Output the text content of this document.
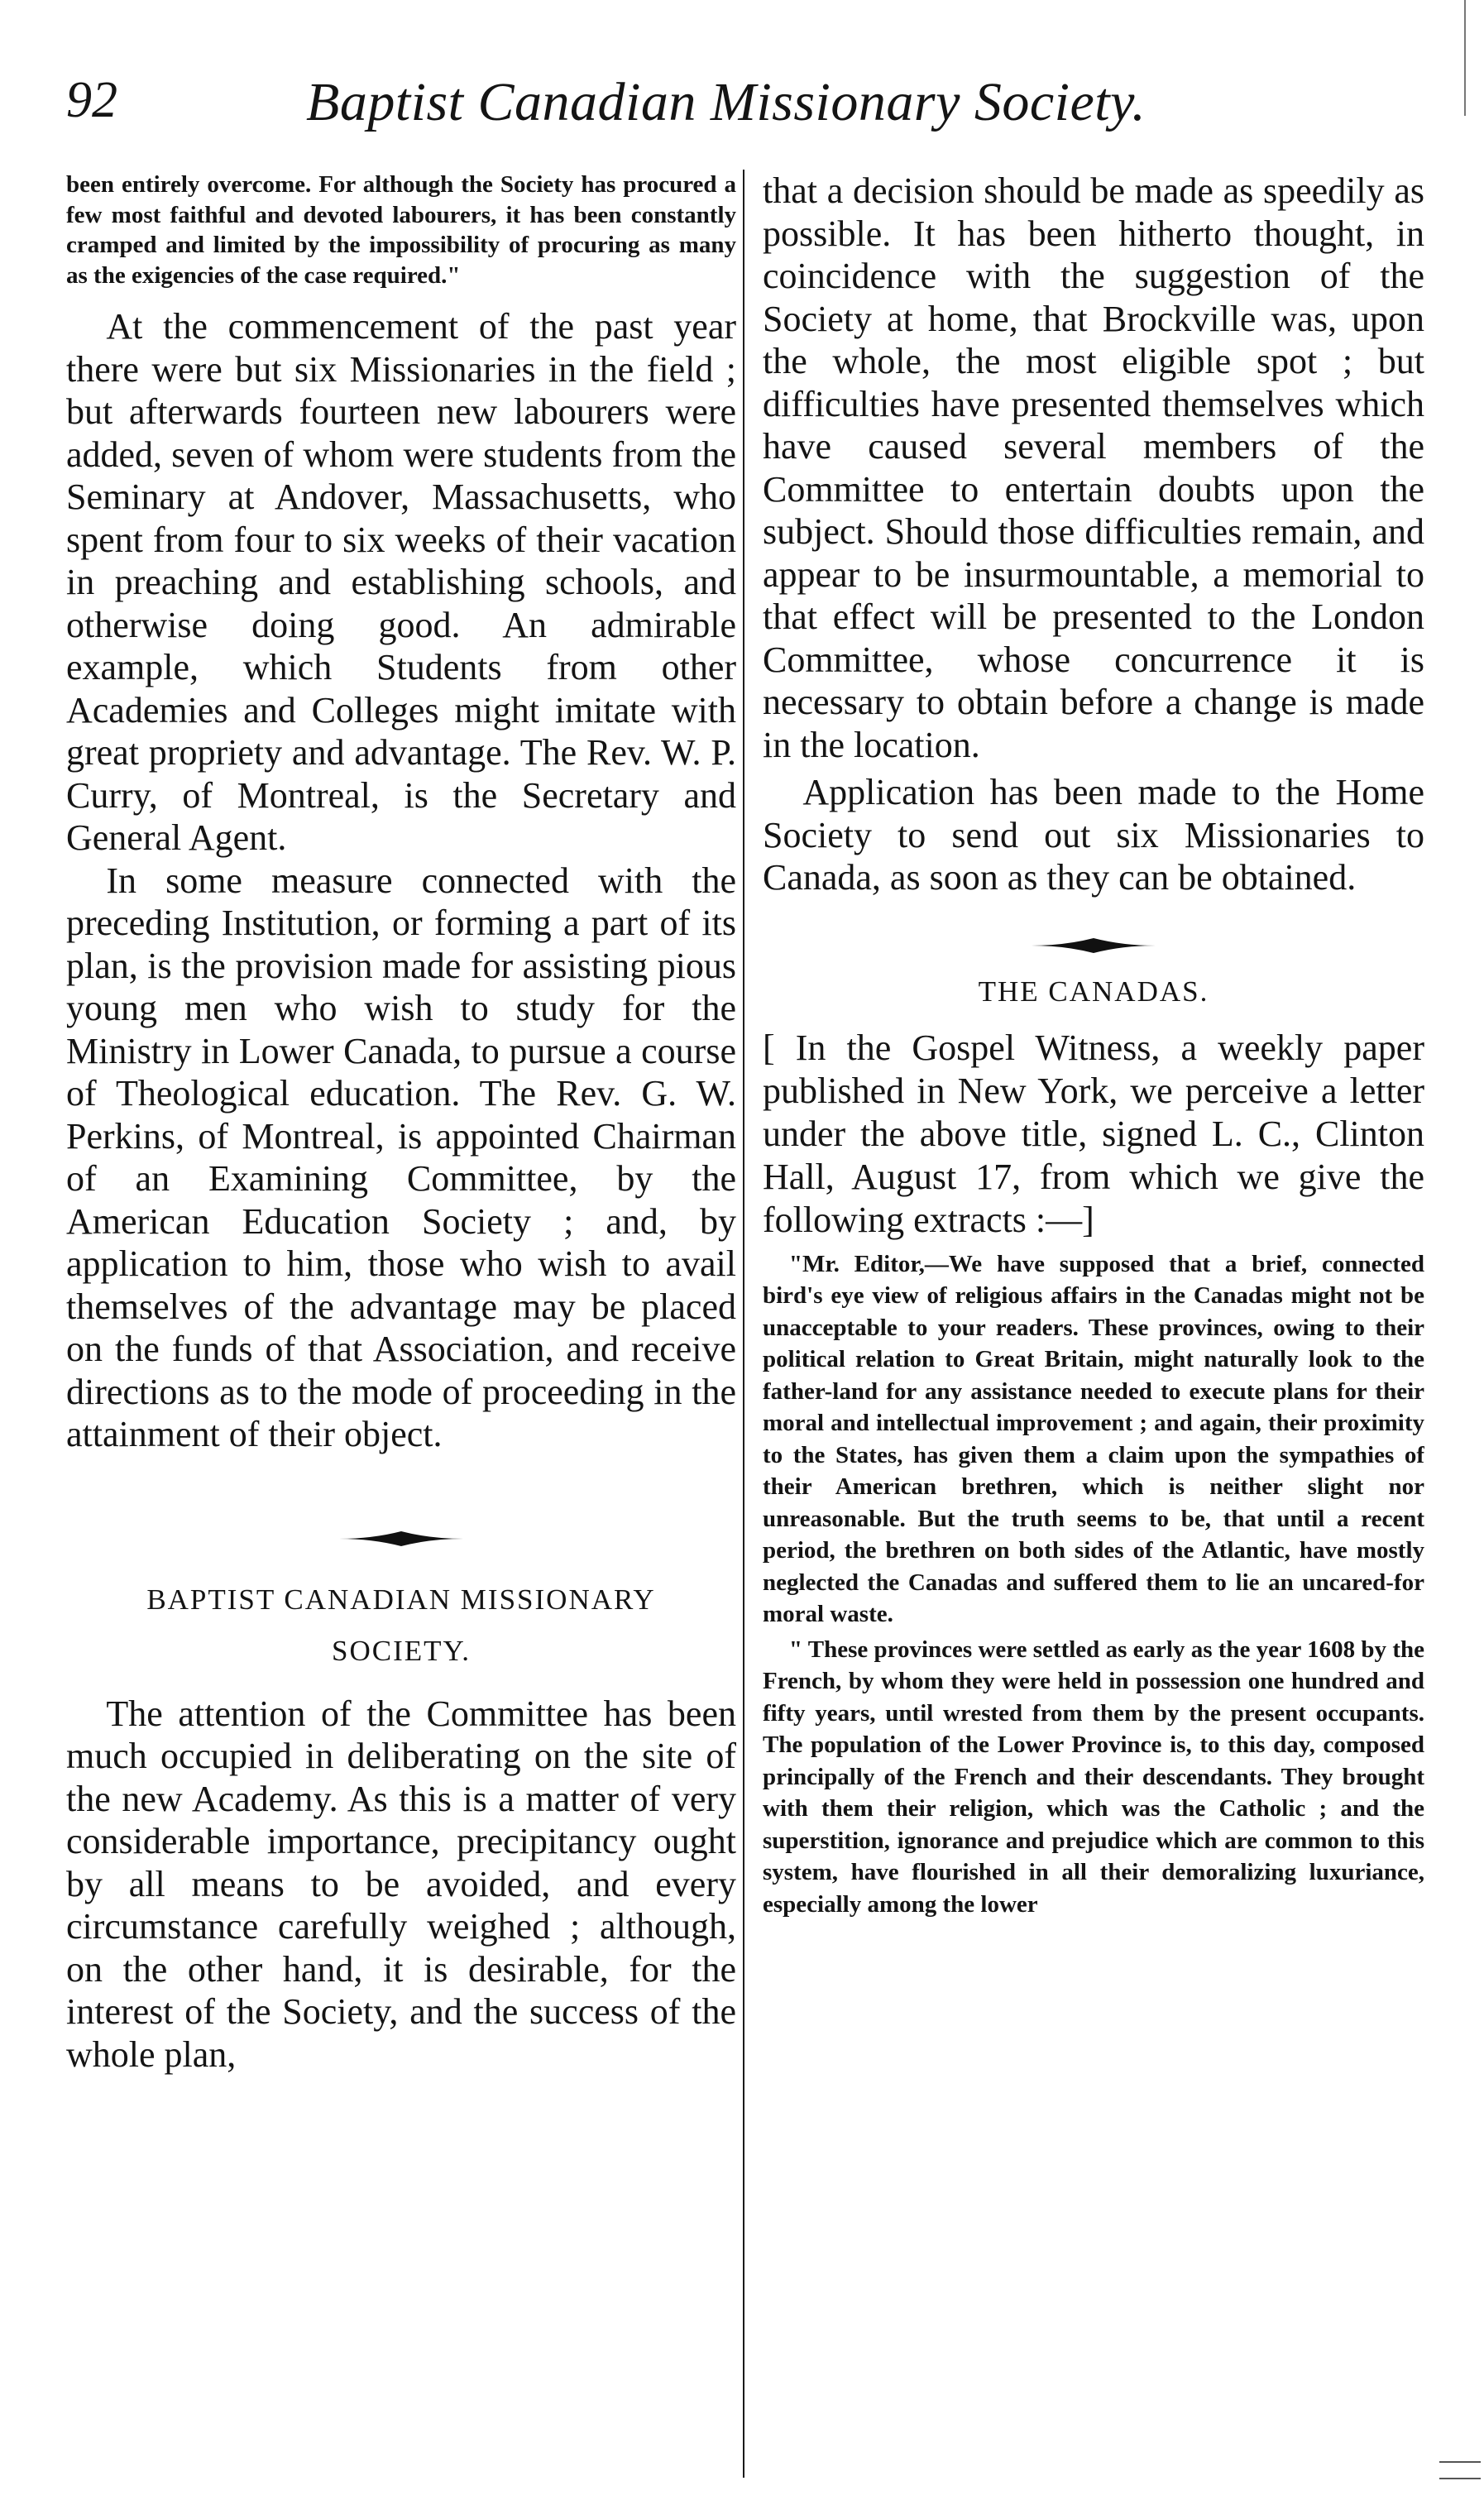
92	Baptist Canadian Missionary Society.

been entirely overcome. For although the Society has procured a few most faithful and devoted labourers, it has been constantly cramped and limited by the impossibility of procuring as many as the exigencies of the case required."

At the commencement of the past year there were but six Missionaries in the field ; but afterwards fourteen new labourers were added, seven of whom were students from the Seminary at Andover, Massachusetts, who spent from four to six weeks of their vacation in preaching and establishing schools, and otherwise doing good. An admirable example, which Students from other Academies and Colleges might imitate with great propriety and advantage. The Rev. W. P. Curry, of Montreal, is the Secretary and General Agent.

In some measure connected with the preceding Institution, or forming a part of its plan, is the provision made for assisting pious young men who wish to study for the Ministry in Lower Canada, to pursue a course of Theological education. The Rev. G. W. Perkins, of Montreal, is appointed Chairman of an Examining Committee, by the American Education Society ; and, by application to him, those who wish to avail themselves of the advantage may be placed on the funds of that Association, and receive directions as to the mode of proceeding in the attainment of their object.

BAPTIST CANADIAN MISSIONARY

SOCIETY.

The attention of the Committee has been much occupied in deliberating on the site of the new Academy. As this is a matter of very considerable importance, precipitancy ought by all means to be avoided, and every circumstance carefully weighed ; although, on the other hand, it is desirable, for the interest of the Society, and the success of the whole plan,

that a decision should be made as speedily as possible. It has been hitherto thought, in coincidence with the suggestion of the Society at home, that Brockville was, upon the whole, the most eligible spot ; but difficulties have presented themselves which have caused several members of the Committee to entertain doubts upon the subject. Should those difficulties remain, and appear to be insurmountable, a memorial to that effect will be presented to the London Committee, whose concurrence it is necessary to obtain before a change is made in the location.

Application has been made to the Home Society to send out six Missionaries to Canada, as soon as they can be obtained.

THE CANADAS.

[ In the Gospel Witness, a weekly paper published in New York, we perceive a letter under the above title, signed L. C., Clinton Hall, August 17, from which we give the following extracts :—]

"Mr. Editor,—We have supposed that a brief, connected bird's eye view of religious affairs in the Canadas might not be unacceptable to your readers. These provinces, owing to their political relation to Great Britain, might naturally look to the father-land for any assistance needed to execute plans for their moral and intellectual improvement ; and again, their proximity to the States, has given them a claim upon the sympathies of their American brethren, which is neither slight nor unreasonable. But the truth seems to be, that until a recent period, the brethren on both sides of the Atlantic, have mostly neglected the Canadas and suffered them to lie an uncared-for moral waste.

" These provinces were settled as early as the year 1608 by the French, by whom they were held in possession one hundred and fifty years, until wrested from them by the present occupants. The population of the Lower Province is, to this day, composed principally of the French and their descendants. They brought with them their religion, which was the Catholic ; and the superstition, ignorance and prejudice which are common to this system, have flourished in all their demoralizing luxuriance, especially among the lower
